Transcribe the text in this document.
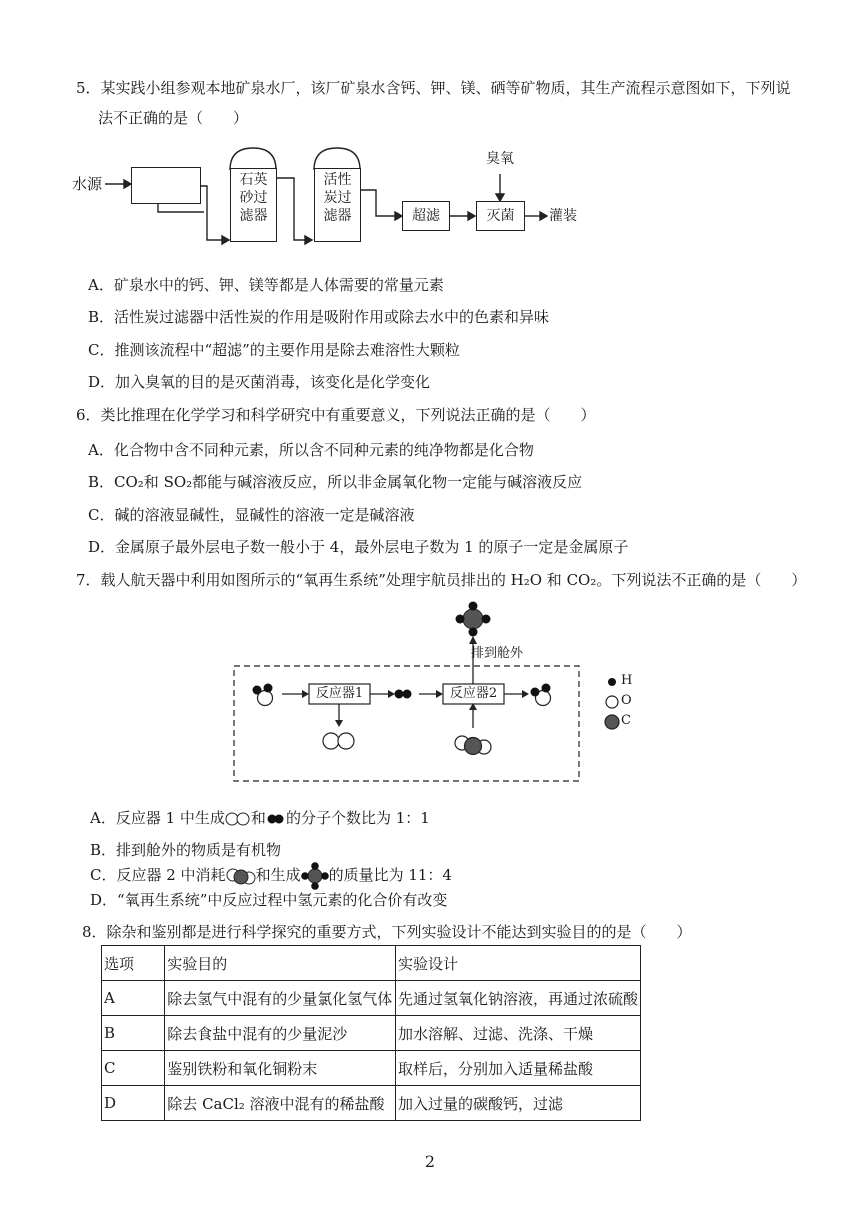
5．某实践小组参观本地矿泉水厂，该厂矿泉水含钙、钾、镁、硒等矿物质，其生产流程示意图如下，下列说
法不正确的是（　　）
水源	石英
砂过
滤器
活性
炭过
滤器	超滤
臭氧
灭菌	灌装
A．矿泉水中的钙、钾、镁等都是人体需要的常量元素
B．活性炭过滤器中活性炭的作用是吸附作用或除去水中的色素和异味
C．推测该流程中“超滤”的主要作用是除去难溶性大颗粒
D．加入臭氧的目的是灭菌消毒，该变化是化学变化
6．类比推理在化学学习和科学研究中有重要意义，下列说法正确的是（　　）
A．化合物中含不同种元素，所以含不同种元素的纯净物都是化合物
B．CO₂和 SO₂都能与碱溶液反应，所以非金属氧化物一定能与碱溶液反应
C．碱的溶液显碱性，显碱性的溶液一定是碱溶液
D．金属原子最外层电子数一般小于 4，最外层电子数为 1 的原子一定是金属原子
7．载人航天器中利用如图所示的“氧再生系统”处理宇航员排出的 H₂O 和 CO₂。下列说法不正确的是（　　）
排到舱外
反应器1	反应器2
H
O
C
A．反应器 1 中生成 和 的分子个数比为 1：1
B．排到舱外的物质是有机物
C．反应器 2 中消耗 和生成 的质量比为 11：4
D．“氧再生系统”中反应过程中氢元素的化合价有改变
8．除杂和鉴别都是进行科学探究的重要方式，下列实验设计不能达到实验目的的是（　　）
选项	实验目的	实验设计
A	除去氢气中混有的少量氯化氢气体	先通过氢氧化钠溶液，再通过浓硫酸
B	除去食盐中混有的少量泥沙	加水溶解、过滤、洗涤、干燥
C	鉴别铁粉和氧化铜粉末	取样后，分别加入适量稀盐酸
D	除去 CaCl₂ 溶液中混有的稀盐酸	加入过量的碳酸钙，过滤
2
